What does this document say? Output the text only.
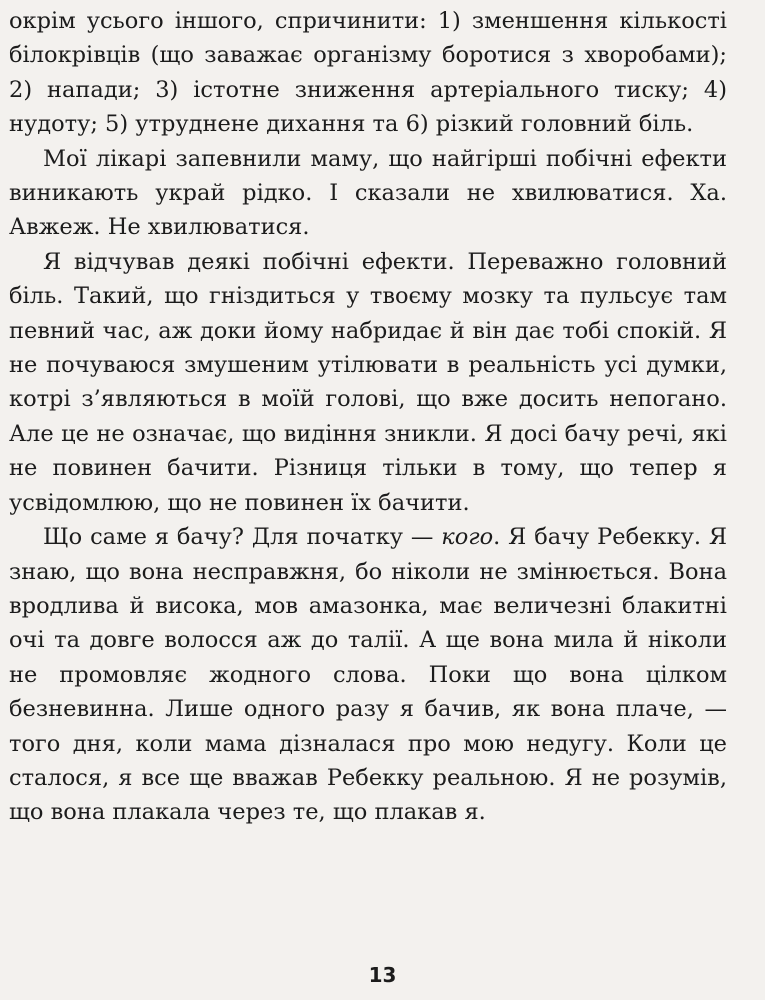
окрім усього іншого, спричинити: 1) зменшення кількості білокрівців (що заважає організму боротися з хворобами); 2) напади; 3) істотне зниження артеріального тиску; 4) нудоту; 5) утруднене дихання та 6) різкий головний біль.

Мої лікарі запевнили маму, що найгірші побічні ефекти виникають украй рідко. І сказали не хвилюватися. Ха. Авжеж. Не хвилюватися.

Я відчував деякі побічні ефекти. Переважно головний біль. Такий, що гніздиться у твоєму мозку та пульсує там певний час, аж доки йому набридає й він дає тобі спокій. Я не почуваюся змушеним утілювати в реальність усі думки, котрі з’являються в моїй голові, що вже досить непогано. Але це не означає, що видіння зникли. Я досі бачу речі, які не повинен бачити. Різниця тільки в тому, що тепер я усвідомлюю, що не повинен їх бачити.

Що саме я бачу? Для початку — кого. Я бачу Ребекку. Я знаю, що вона несправжня, бо ніколи не змінюється. Вона вродлива й висока, мов амазонка, має величезні блакитні очі та довге волосся аж до талії. А ще вона мила й ніколи не промовляє жодного слова. Поки що вона цілком безневинна. Лише одного разу я бачив, як вона плаче, — того дня, коли мама дізналася про мою недугу. Коли це сталося, я все ще вважав Ребекку реальною. Я не розумів, що вона плакала через те, що плакав я.

13
